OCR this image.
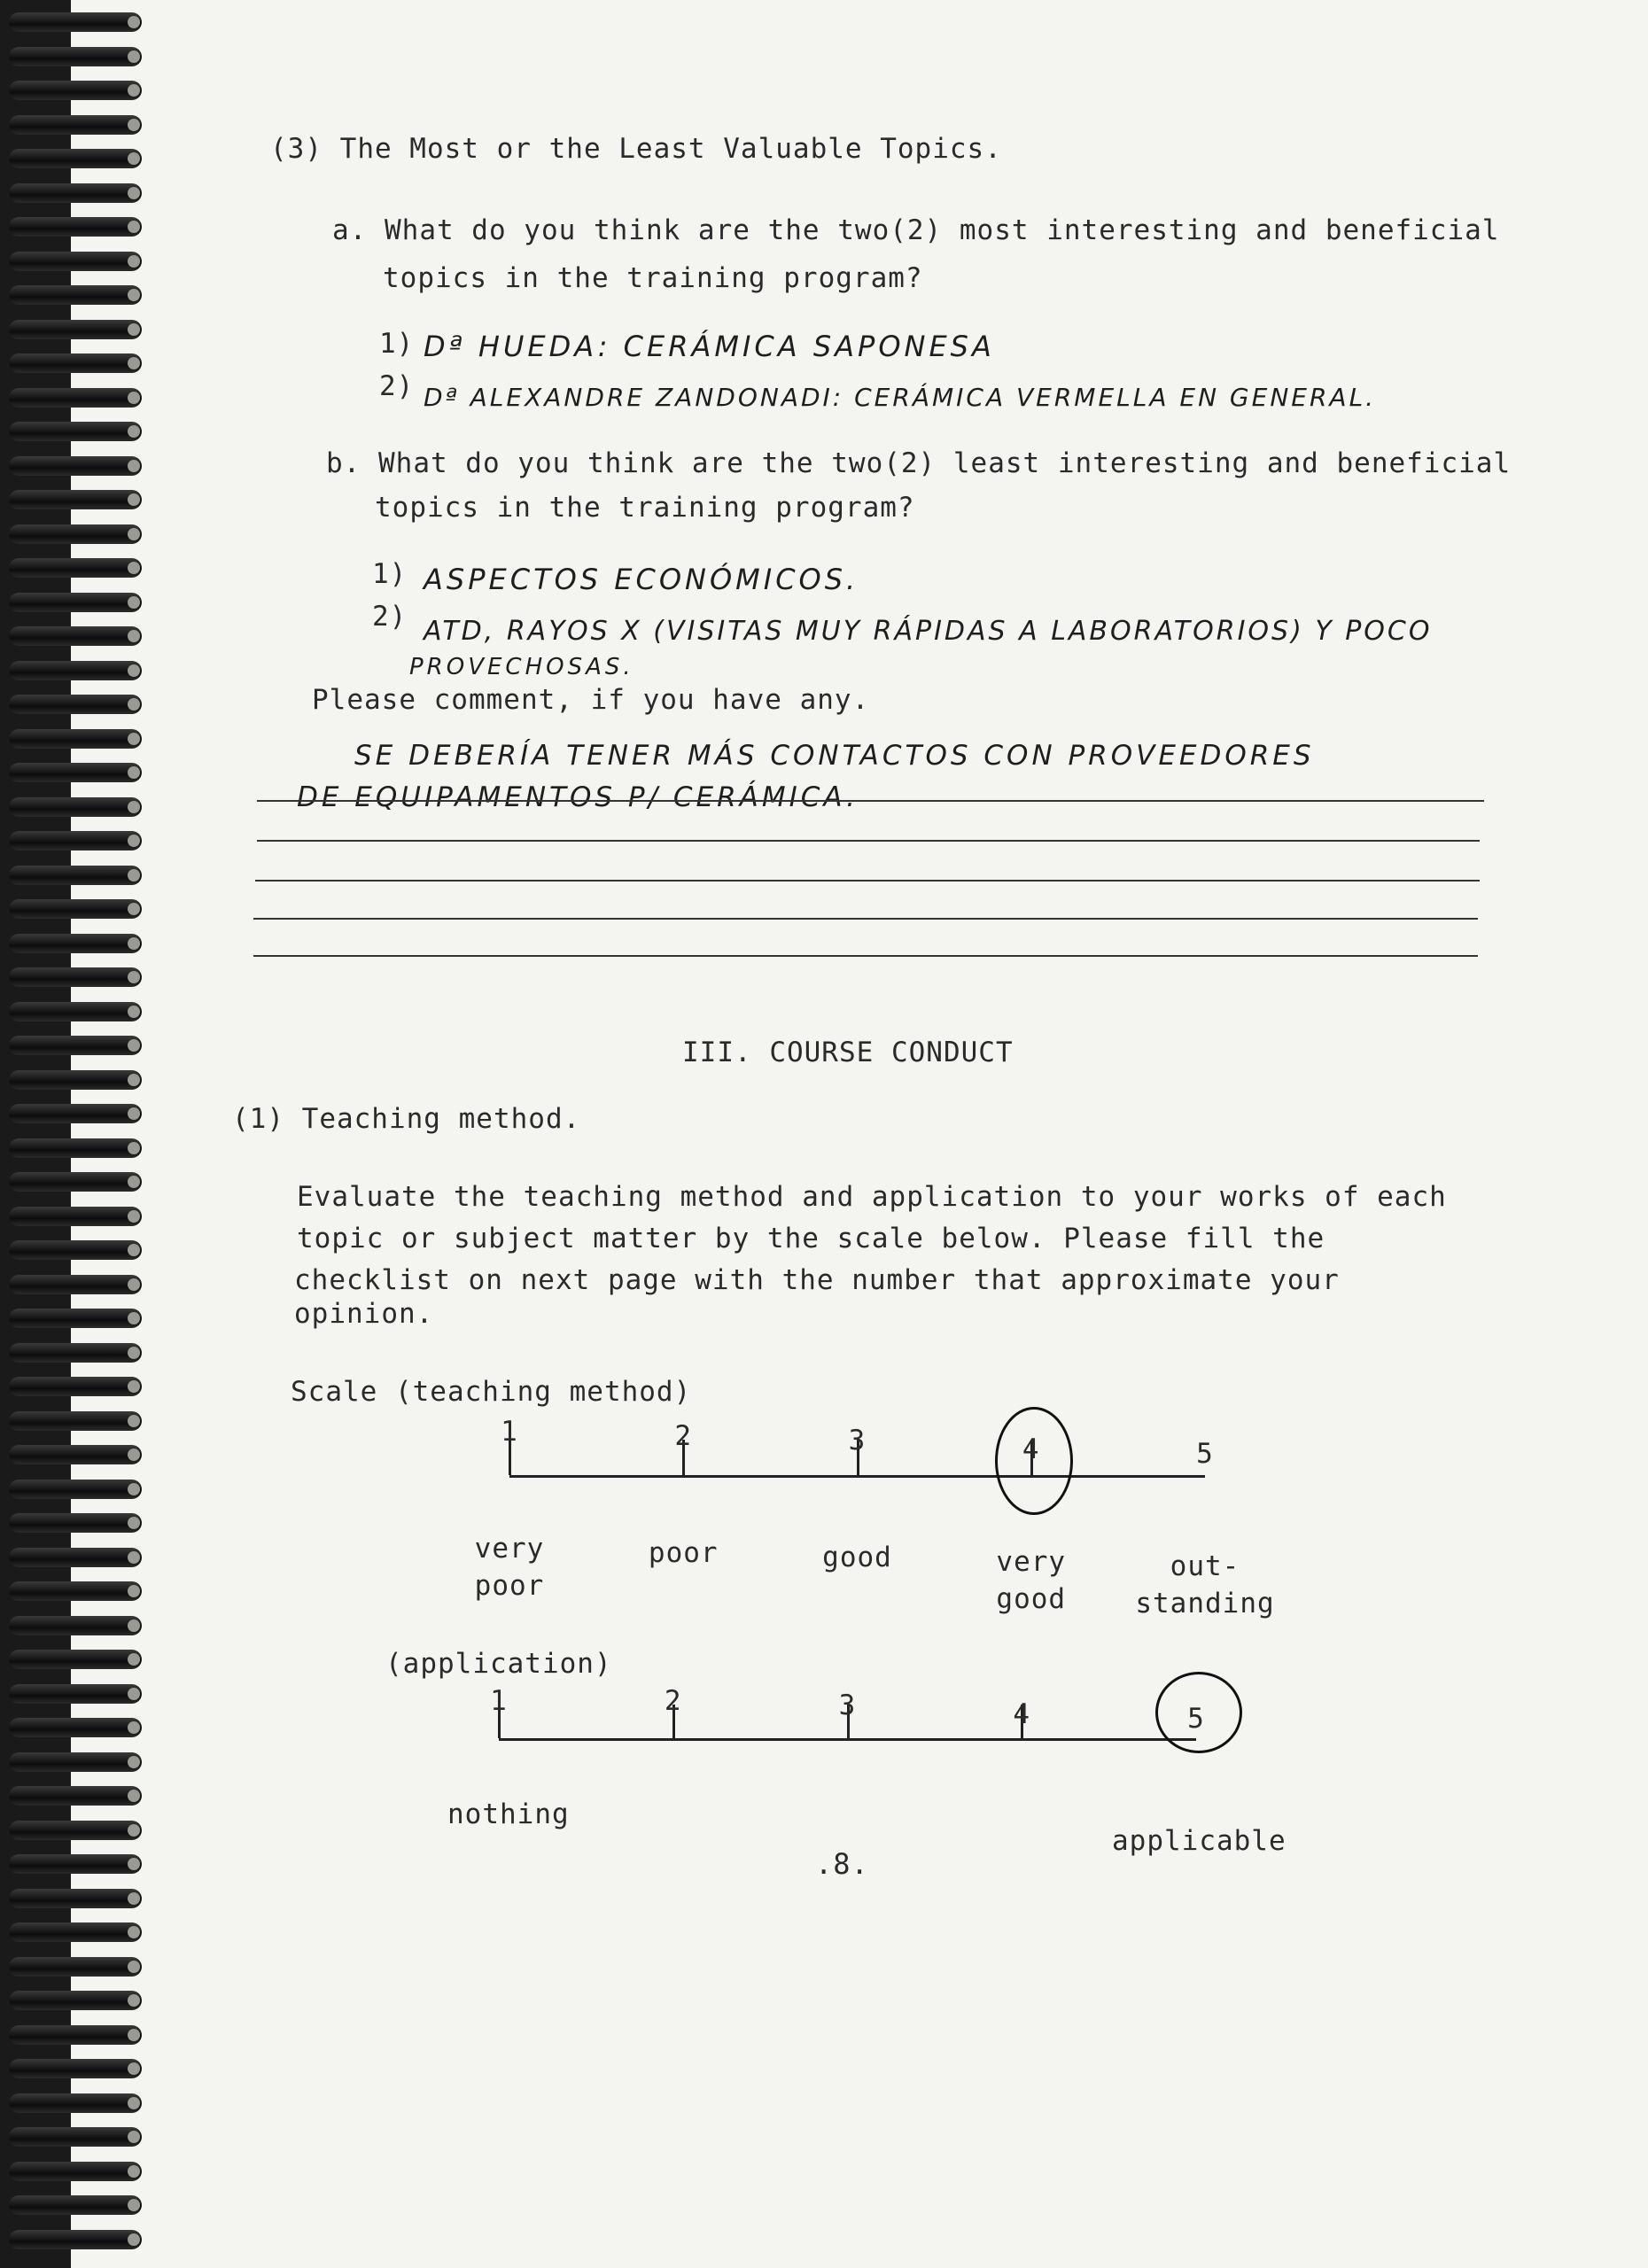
(3) The Most or the Least Valuable Topics.
a. What do you think are the two(2) most interesting and beneficial
topics in the training program?
1) Dª HUEDA: CERÁMICA SAPONESA
2) Dª ALEXANDRE ZANDONADI: CERÁMICA VERMELLA EN GENERAL.
b. What do you think are the two(2) least interesting and beneficial
topics in the training program?
1) ASPECTOS ECONÓMICOS.
2) ATD, RAYOS X (VISITAS MUY RÁPIDAS A LABORATORIOS) Y POCO
PROVECHOSAS.
Please comment, if you have any.
SE DEBERÍA TENER MÁS CONTACTOS CON PROVEEDORES
DE EQUIPAMENTOS P/ CERÁMICA.
III. COURSE CONDUCT
(1) Teaching method.
Evaluate the teaching method and application to your works of each
topic or subject matter by the scale below. Please fill the
checklist on next page with the number that approximate your
opinion.
Scale (teaching method)
(application)
nothing
applicable
.8.
1
very
poor
2
poor
3
good
4
very
good
5
out-
standing
1	2	3	4	5
